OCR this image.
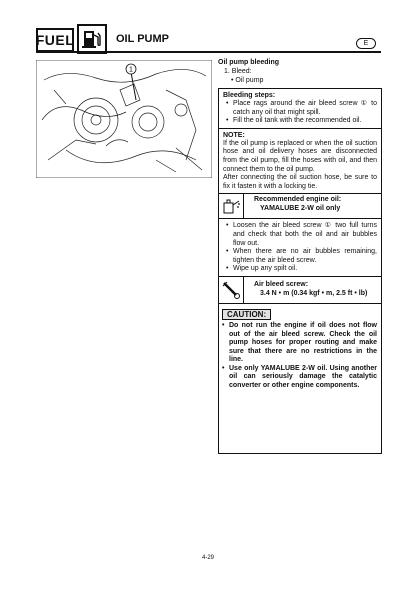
FUEL	OIL PUMP	E
1
Oil pump bleeding
1. Bleed:
• Oil pump
Bleeding steps:
• Place rags around the air bleed screw ① to catch any oil that might spill.
• Fill the oil tank with the recommended oil.
NOTE:

If the oil pump is replaced or when the oil suction hose and oil delivery hoses are disconnected from the oil pump, fill the hoses with oil, and then connect them to the oil pump.

After connecting the oil suction hose, be sure to fix it fasten it with a locking tie.

Recommended engine oil:
YAMALUBE 2-W oil only
• Loosen the air bleed screw ① two full turns and check that both the oil and air bubbles flow out.
• When there are no air bubbles remaining, tighten the air bleed screw.
• Wipe up any spilt oil.
Air bleed screw:
3.4 N • m (0.34 kgf • m, 2.5 ft • lb)
CAUTION:
• Do not run the engine if oil does not flow out of the air bleed screw. Check the oil pump hoses for proper routing and make sure that there are no restrictions in the line.
• Use only YAMALUBE 2-W oil. Using another oil can seriously damage the catalytic converter or other engine components.
4-29
